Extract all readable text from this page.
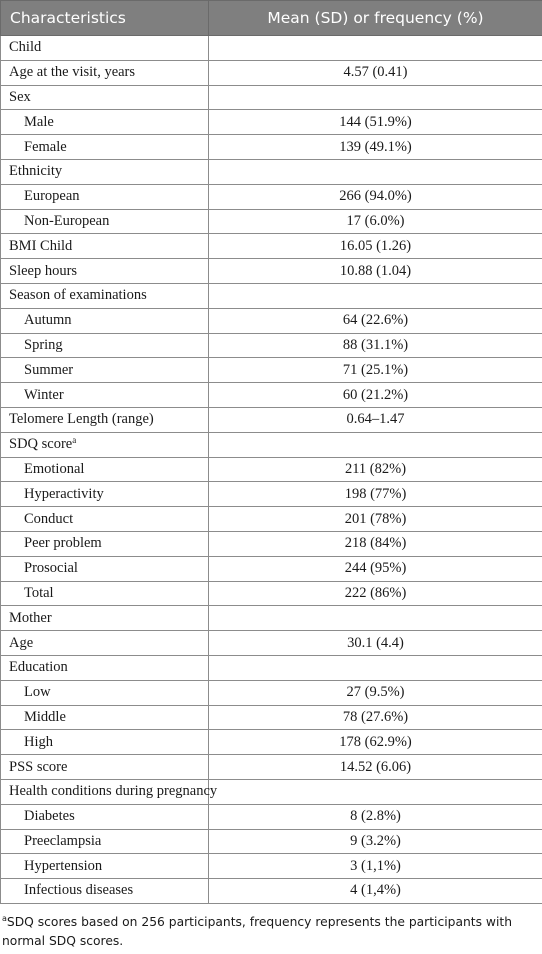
Characteristics	Mean (SD) or frequency (%)
Child	
Age at the visit, years	4.57 (0.41)
Sex	
Male	144 (51.9%)
Female	139 (49.1%)
Ethnicity	
European	266 (94.0%)
Non-European	17 (6.0%)
BMI Child	16.05 (1.26)
Sleep hours	10.88 (1.04)
Season of examinations	
Autumn	64 (22.6%)
Spring	88 (31.1%)
Summer	71 (25.1%)
Winter	60 (21.2%)
Telomere Length (range)	0.64–1.47
SDQ score$^a$	
Emotional	211 (82%)
Hyperactivity	198 (77%)
Conduct	201 (78%)
Peer problem	218 (84%)
Prosocial	244 (95%)
Total	222 (86%)
Mother	
Age	30.1 (4.4)
Education	
Low	27 (9.5%)
Middle	78 (27.6%)
High	178 (62.9%)
PSS score	14.52 (6.06)
Health conditions during pregnancy	
Diabetes	8 (2.8%)
Preeclampsia	9 (3.2%)
Hypertension	3 (1,1%)
Infectious diseases	4 (1,4%)
$^a$SDQ scores based on 256 participants, frequency represents the participants with normal SDQ scores.
